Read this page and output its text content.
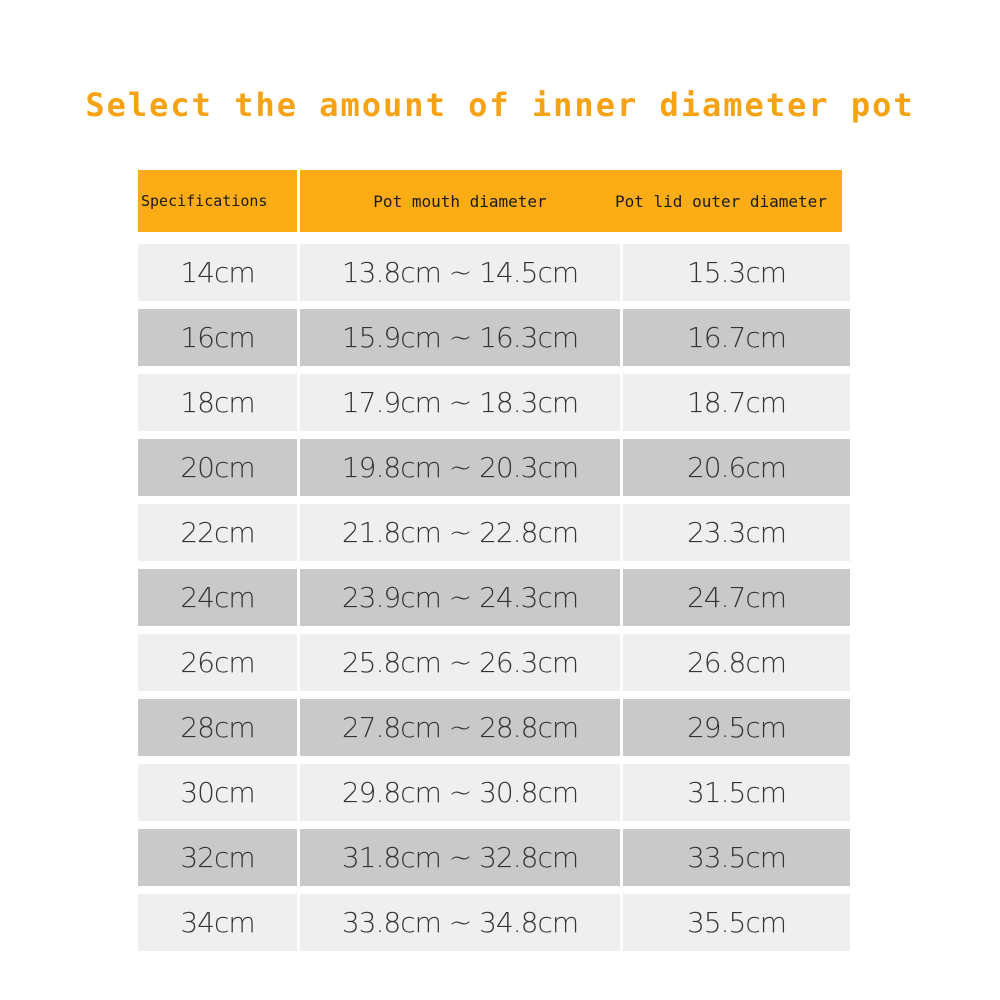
Select the amount of inner diameter pot
Specifications	Pot mouth diameter	Pot lid outer diameter
14cm	13.8cm ~ 14.5cm	15.3cm
16cm	15.9cm ~ 16.3cm	16.7cm
18cm	17.9cm ~ 18.3cm	18.7cm
20cm	19.8cm ~ 20.3cm	20.6cm
22cm	21.8cm ~ 22.8cm	23.3cm
24cm	23.9cm ~ 24.3cm	24.7cm
26cm	25.8cm ~ 26.3cm	26.8cm
28cm	27.8cm ~ 28.8cm	29.5cm
30cm	29.8cm ~ 30.8cm	31.5cm
32cm	31.8cm ~ 32.8cm	33.5cm
34cm	33.8cm ~ 34.8cm	35.5cm
